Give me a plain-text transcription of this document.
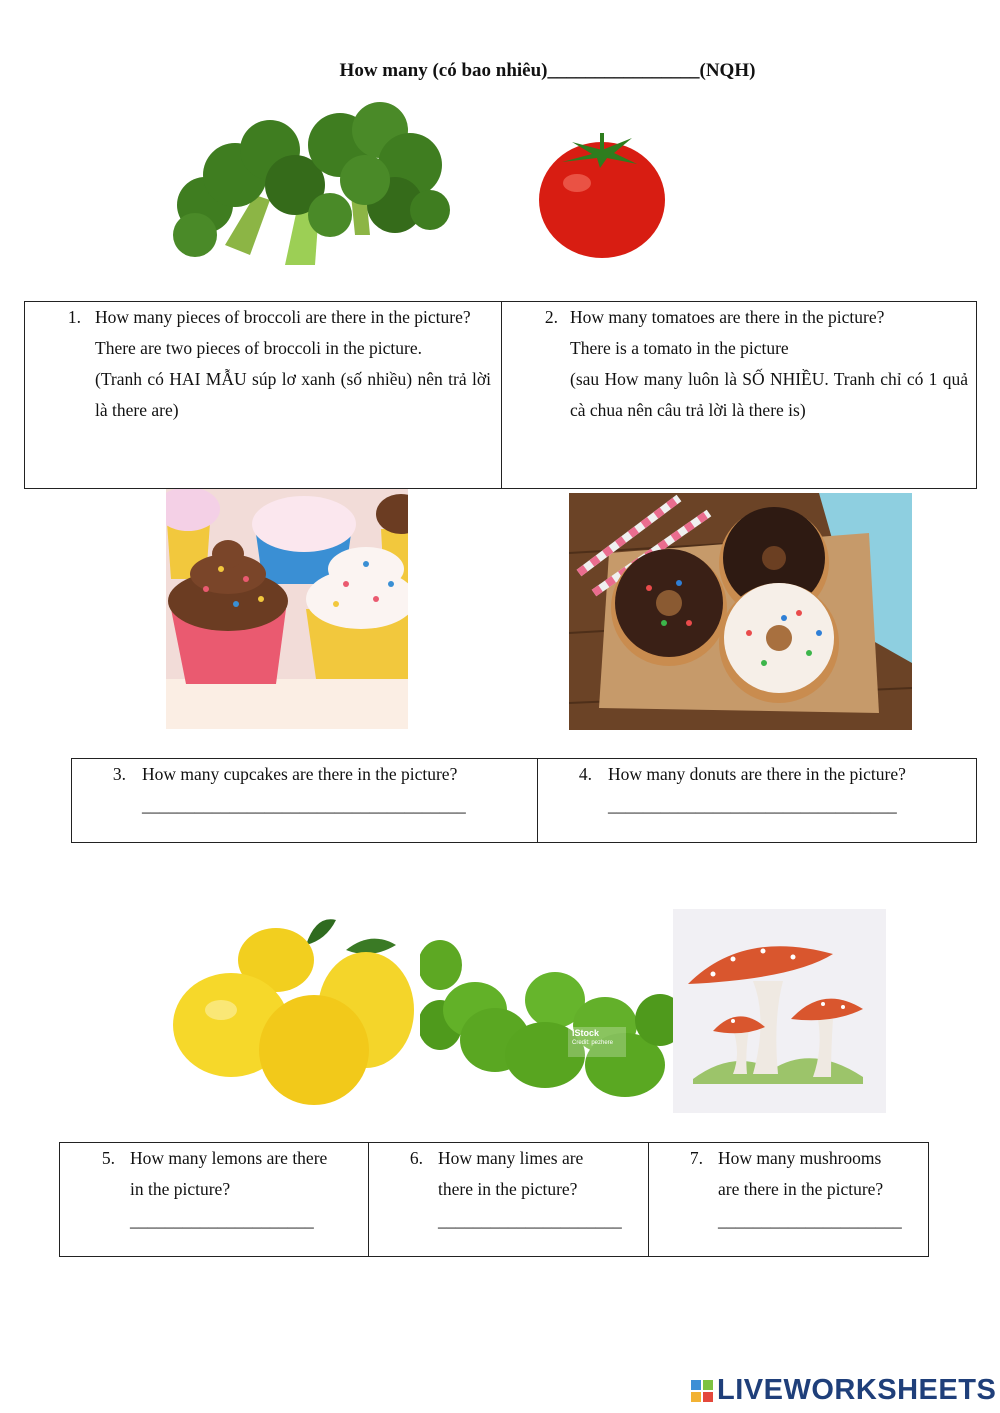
How many (có bao nhiêu)________________(NQH)
1. How many pieces of broccoli are there in the picture?
There are two pieces of broccoli in the picture.
(Tranh có HAI MẪU súp lơ xanh (số nhiều) nên trả lời là there are)

2. How many tomatoes are there in the picture?
There is a tomato in the picture
(sau How many luôn là SỐ NHIỀU. Tranh chỉ có 1 quả cà chua nên câu trả lời là there is)
3. How many cupcakes are there in the picture?
_____________________________________

4. How many donuts are there in the picture?
_________________________________
iStock
Credit: pezhere
5. How many lemons are there
in the picture?
_____________________

6. How many limes are
there in the picture?
_____________________

7. How many mushrooms
are there in the picture?
_____________________
LIVEWORKSHEETS
